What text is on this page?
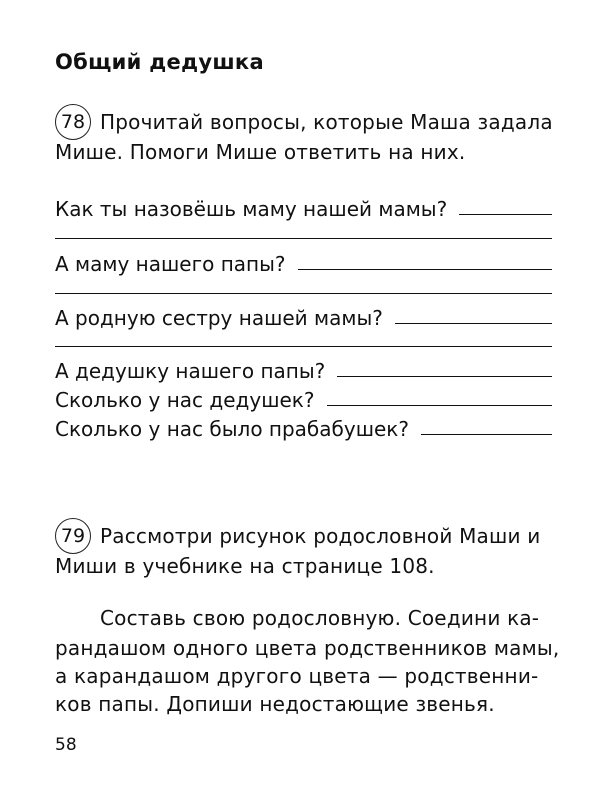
Общий дедушка
78 Прочитай вопросы, которые Маша задала
Мише. Помоги Мише ответить на них.
Как ты назовёшь маму нашей мамы?
А маму нашего папы?
А родную сестру нашей мамы?
А дедушку нашего папы?
Сколько у нас дедушек?
Сколько у нас было прабабушек?
79 Рассмотри рисунок родословной Маши и
Миши в учебнике на странице 108.
Составь свою родословную. Соедини ка-
рандашом одного цвета родственников мамы,
а карандашом другого цвета — родственни-
ков папы. Допиши недостающие звенья.
58
